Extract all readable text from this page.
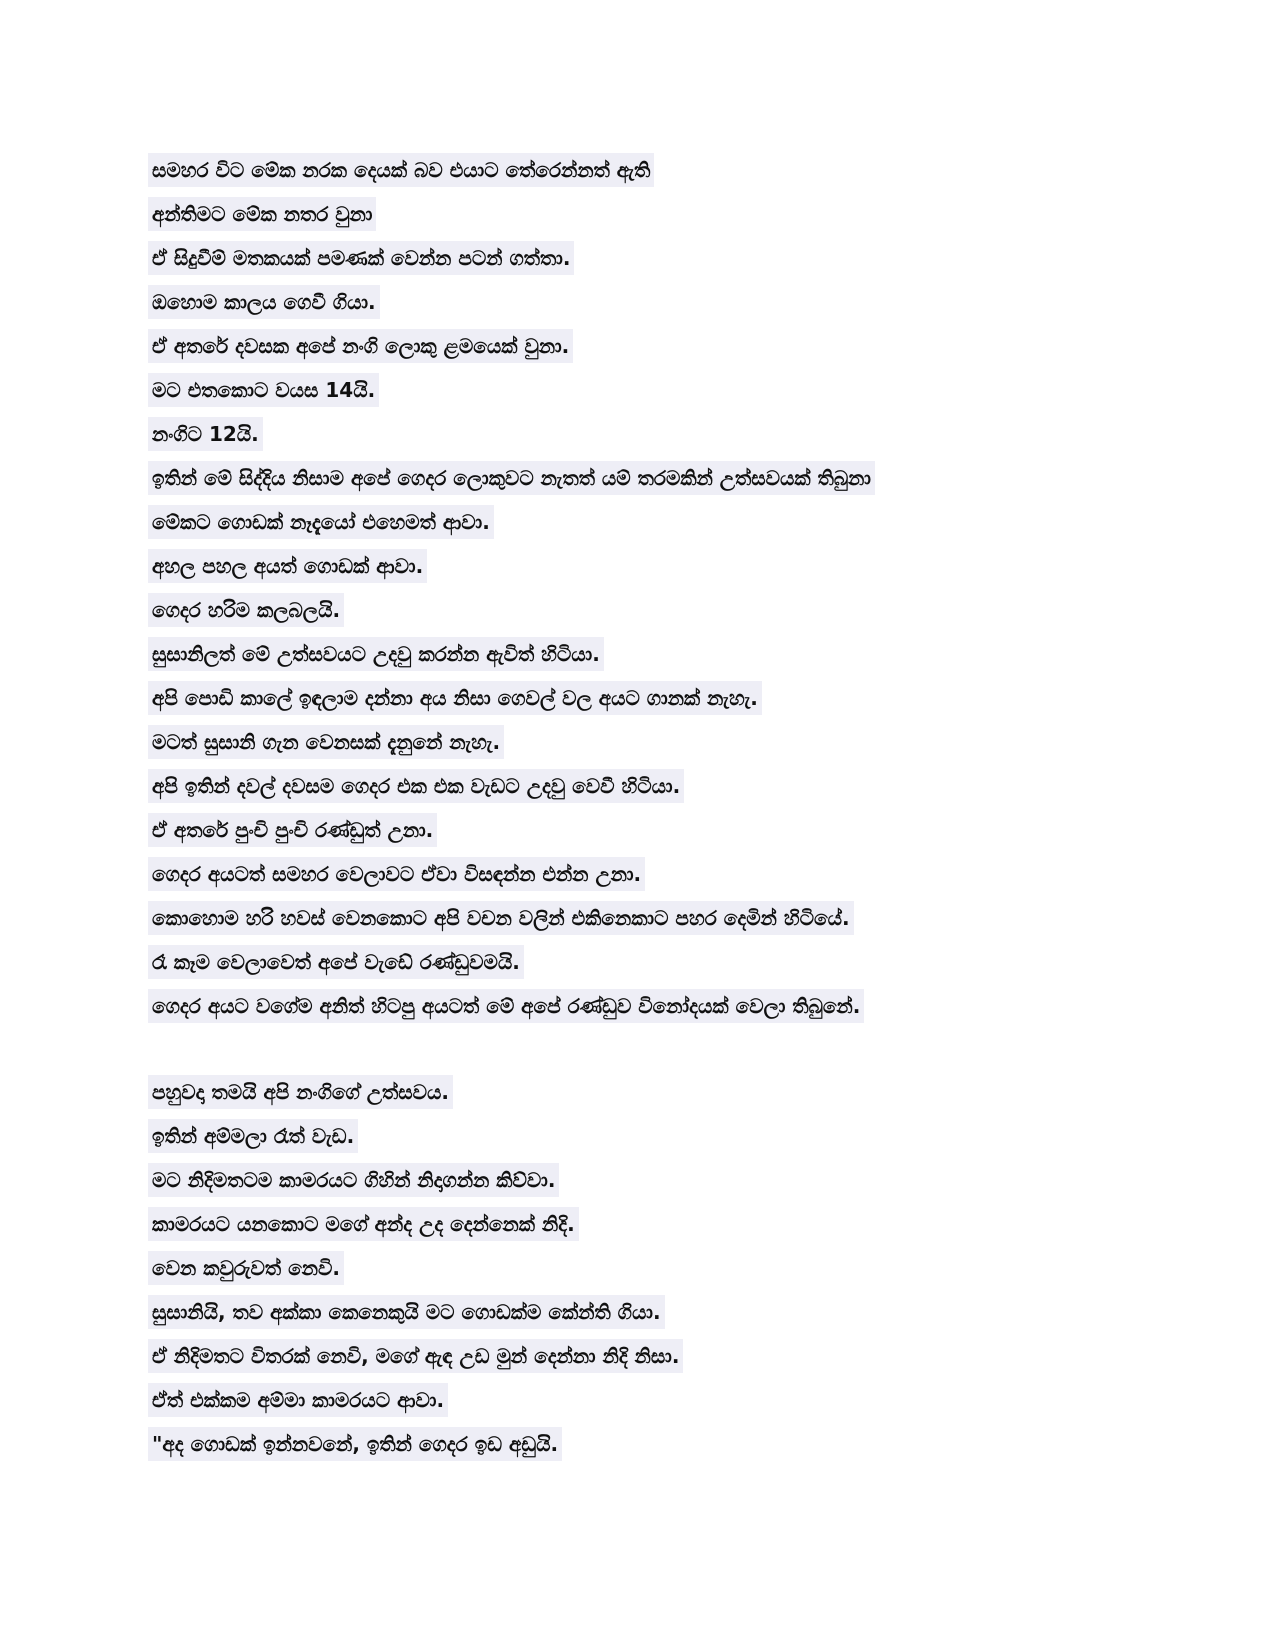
සමහර විට මේක නරක දෙයක් බව එයාට තේරෙන්නත් ඇති
අන්තිමට මේක නතර වුනා
ඒ සිදුවීම් මතකයක් පමණක් වෙන්න පටන් ගත්තා.
ඔහොම කාලය ගෙවී ගියා.
ඒ අතරේ දවසක අපේ නංගි ලොකු ළමයෙක් වුනා.
මට එතකොට වයස 14යි.
නංගිට 12යි.
ඉතින් මේ සිද්දිය නිසාම අපේ ගෙදර ලොකුවට නැතත් යම් තරමකින් උත්සවයක් තිබුනා
මේකට ගොඩක් නෑදැයෝ එහෙමත් ආවා.
අහල පහල අයත් ගොඩක් ආවා.
ගෙදර හරිම කලබලයි.
සුසානිලත් මේ උත්සවයට උදවු කරන්න ඇවිත් හිටියා.
අපි පොඩි කාලේ ඉඳලාම දන්නා අය නිසා ගෙවල් වල අයට ගානක් නැහැ.
මටත් සුසානි ගැන වෙනසක් දැනුනේ නැහැ.
අපි ඉතින් දවල් දවසම ගෙදර එක එක වැඩට උදවු වෙවී හිටියා.
ඒ අතරේ පුංචි පුංචි රණ්ඩුත් උනා.
ගෙදර අයටත් සමහර වෙලාවට ඒවා විසඳන්න එන්න උනා.
කොහොම හරි හවස් වෙනකොට අපි වචන වලින් එකිනෙකාට පහර දෙමින් හිටියේ.
රෑ කෑම වෙලාවෙත් අපේ වැඩේ රණ්ඩුවමයි.
ගෙදර අයට වගේම අනිත් හිටපු අයටත් මේ අපේ රණ්ඩුව විනෝදයක් වෙලා තිබුනේ.
පහුවදා තමයි අපි නංගිගේ උත්සවය.
ඉතින් අම්මලා රෑත් වැඩ.
මට නිදිමතටම කාමරයට ගිහින් නිදාගන්න කිව්වා.
කාමරයට යනකොට මගේ අන්ද උද දෙන්නෙක් නිදි.
වෙන කවුරුවත් නෙවි.
සුසානියි, තව අක්කා කෙනෙකුයි මට ගොඩක්ම කේන්ති ගියා.
ඒ නිදිමතට විතරක් නෙවි, මගේ ඇඳ උඩ මුන් දෙන්නා නිදි නිසා.
ඒත් එක්කම අම්මා කාමරයට ආවා.
"අද ගොඩක් ඉන්නවනේ, ඉතින් ගෙදර ඉඩ අඩුයි.
